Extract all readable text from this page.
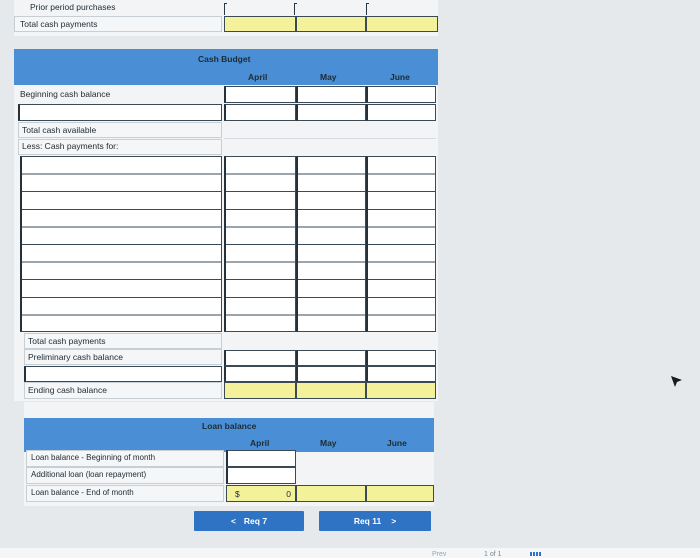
Prior period purchases
Total cash payments
Cash Budget
April	May	June
Beginning cash balance
Total cash available
Less: Cash payments for:
Total cash payments
Preliminary cash balance
Ending cash balance
Loan balance
April	May	June
Loan balance - Beginning of month
Additional loan (loan repayment)
Loan balance - End of month	$	0
< Req 7	Req 11 >
Prev	1 of 1
